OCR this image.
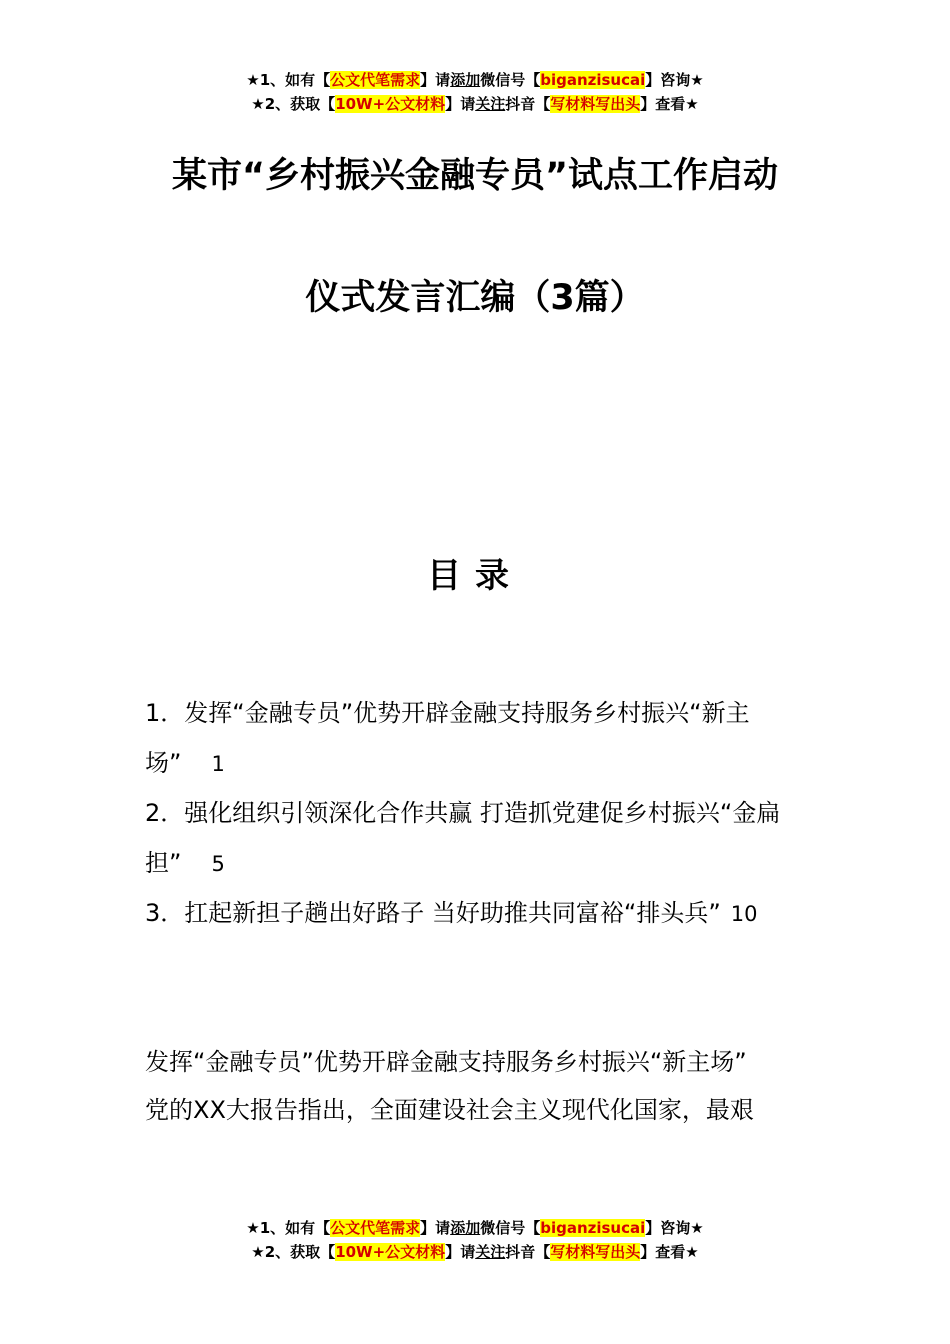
★1、如有【公文代笔需求】请添加微信号【biganzisucai】咨询★
★2、获取【10W+公文材料】请关注抖音【写材料写出头】查看★
某市“乡村振兴金融专员”试点工作启动
仪式发言汇编（3篇）
目录
1．发挥“金融专员”优势开辟金融支持服务乡村振兴“新主场” 1
2．强化组织引领深化合作共赢 打造抓党建促乡村振兴“金扁担” 5
3．扛起新担子趟出好路子 当好助推共同富裕“排头兵” 10

发挥“金融专员”优势开辟金融支持服务乡村振兴“新主场”

党的XX大报告指出，全面建设社会主义现代化国家，最艰

★1、如有【公文代笔需求】请添加微信号【biganzisucai】咨询★
★2、获取【10W+公文材料】请关注抖音【写材料写出头】查看★
